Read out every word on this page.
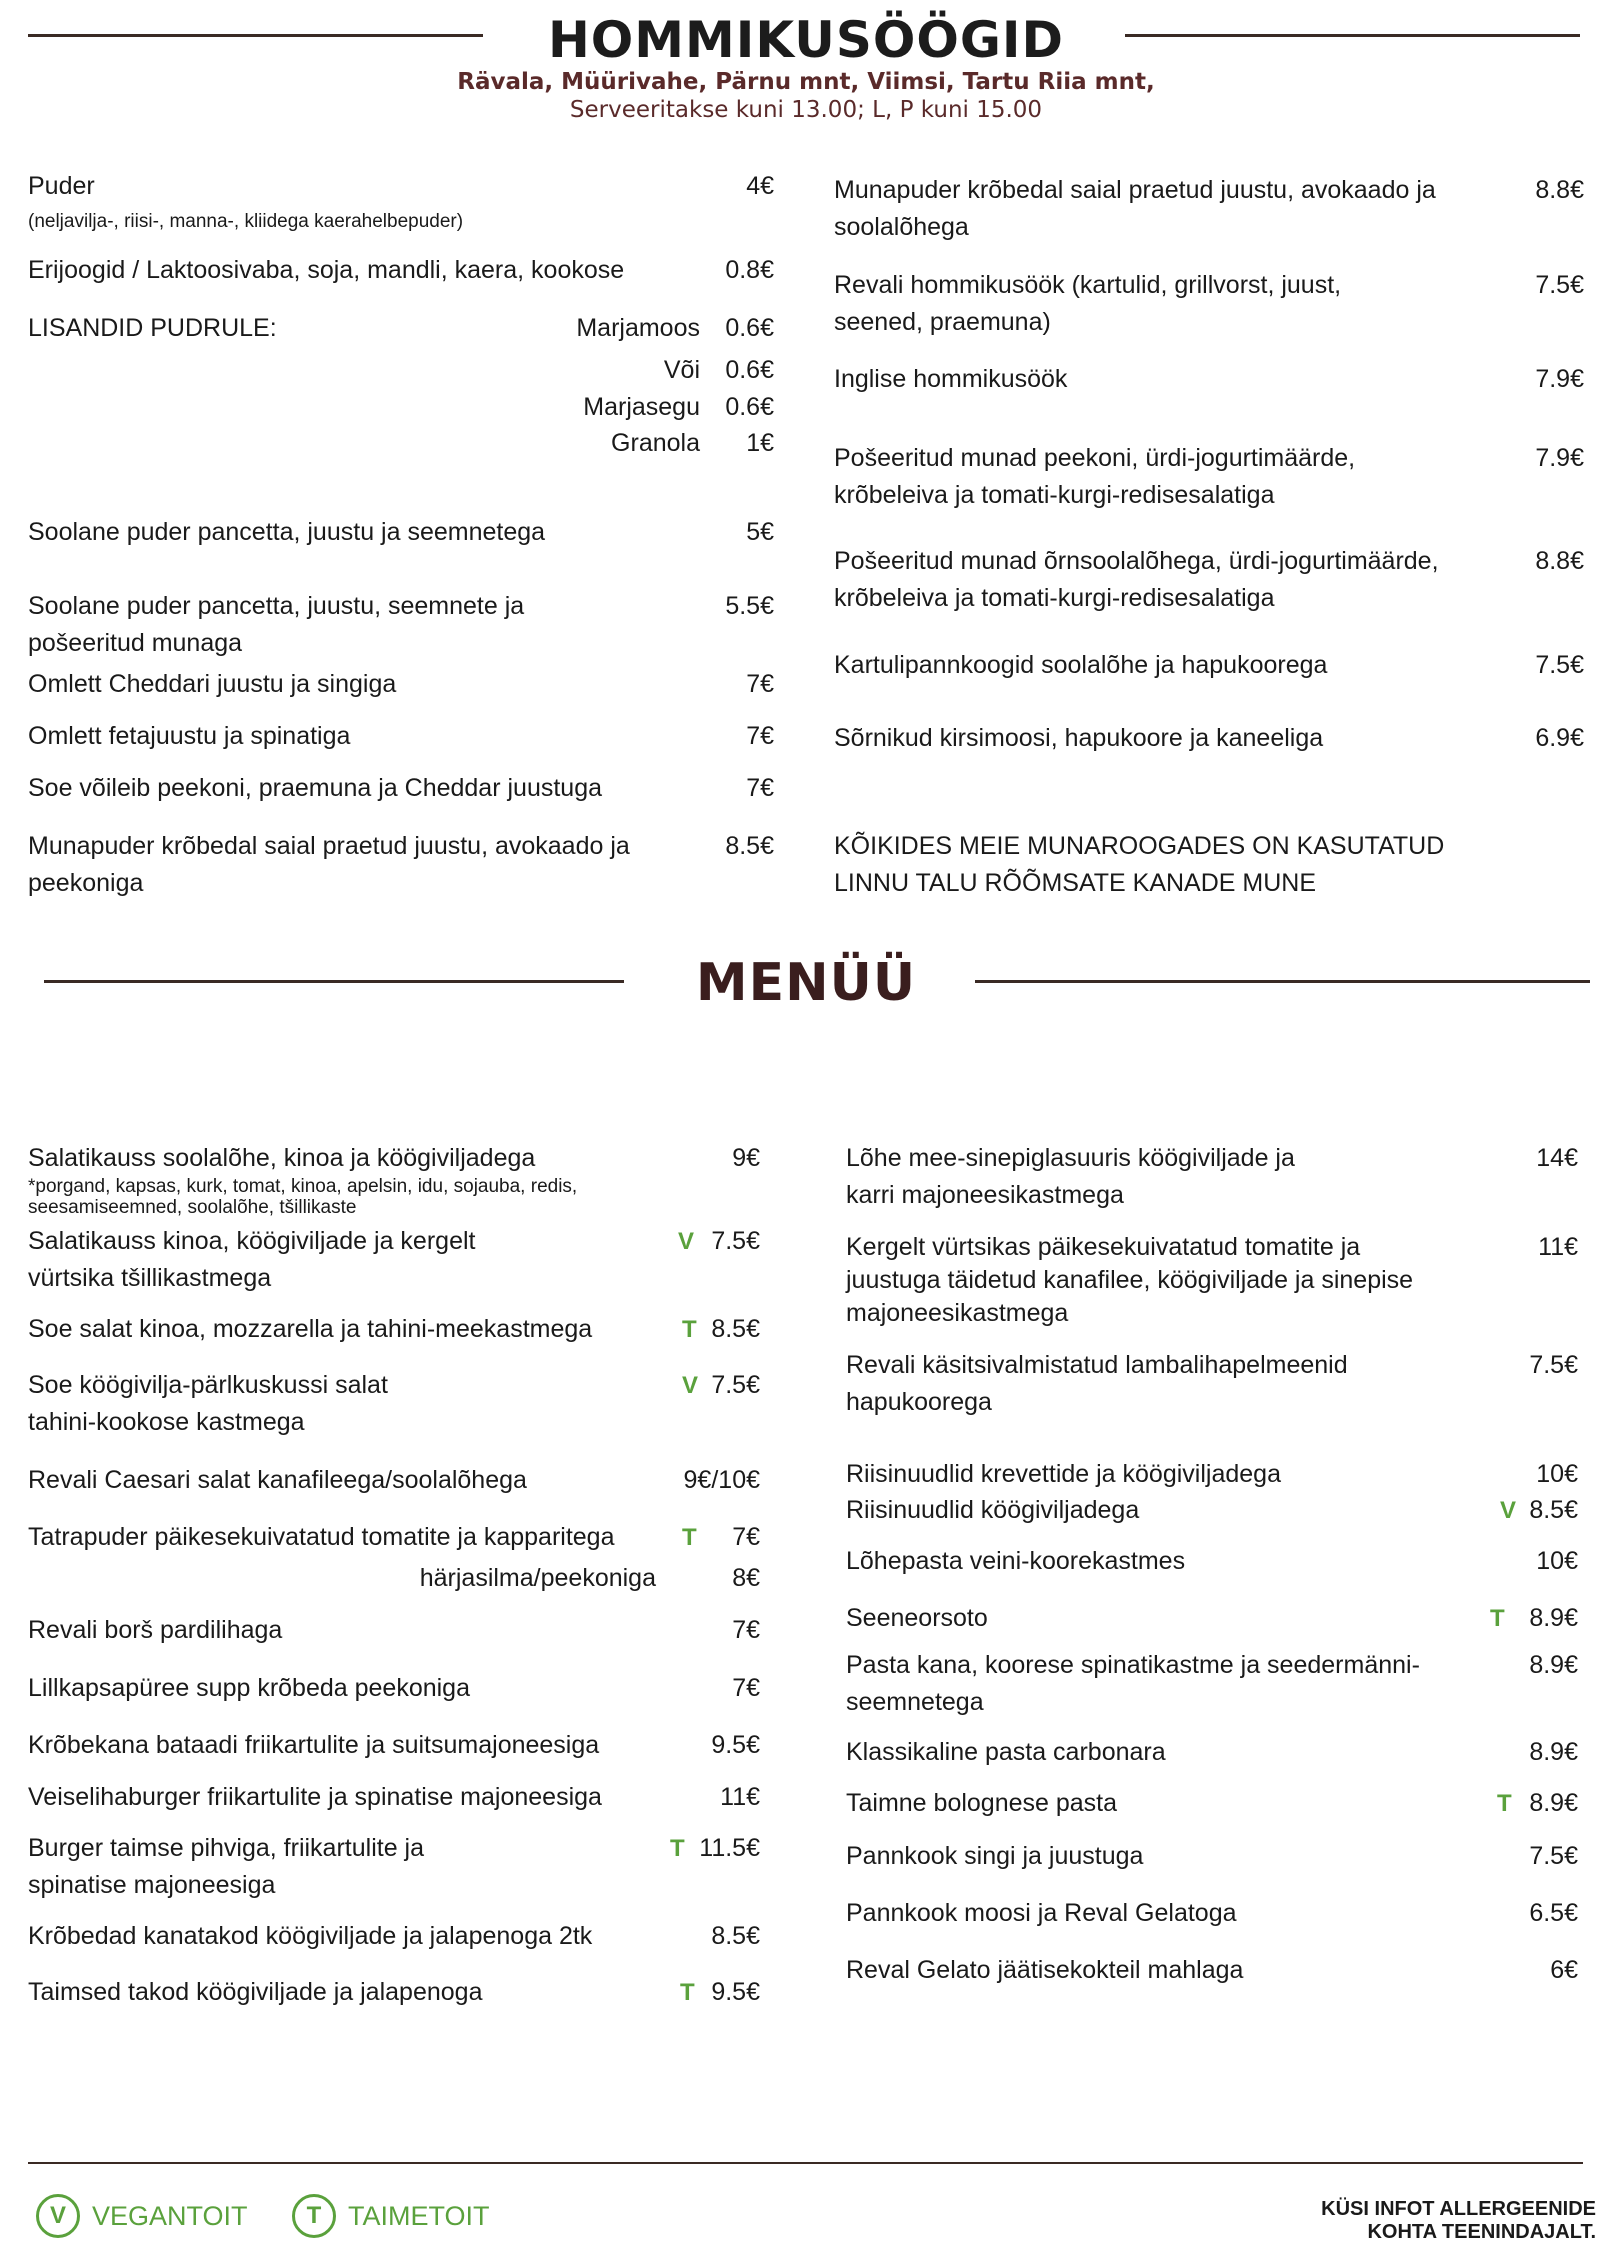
HOMMIKUSÖÖGID

Rävala, Müürivahe, Pärnu mnt, Viimsi, Tartu Riia mnt,

Serveeritakse kuni 13.00; L, P kuni 15.00

Puder
(neljavilja-, riisi-, manna-, kliidega kaerahelbepuder)
4€
Erijoogid / Laktoosivaba, soja, mandli, kaera, kookose	0.8€
LISANDID PUDRULE:	Marjamoos 0.6€
Või 0.6€
Marjasegu 0.6€
Granola 1€
Soolane puder pancetta, juustu ja seemnetega	5€
Soolane puder pancetta, juustu, seemnete ja
pošeeritud munaga
5.5€
Omlett Cheddari juustu ja singiga	7€
Omlett fetajuustu ja spinatiga	7€
Soe võileib peekoni, praemuna ja Cheddar juustuga	7€
Munapuder krõbedal saial praetud juustu, avokaado ja
peekoniga
8.5€
Munapuder krõbedal saial praetud juustu, avokaado ja
soolalõhega
8.8€
Revali hommikusöök (kartulid, grillvorst, juust,
seened, praemuna)
7.5€
Inglise hommikusöök	7.9€
Pošeeritud munad peekoni, ürdi-jogurtimäärde,
krõbeleiva ja tomati-kurgi-redisesalatiga
7.9€
Pošeeritud munad õrnsoolalõhega, ürdi-jogurtimäärde,
krõbeleiva ja tomati-kurgi-redisesalatiga
8.8€
Kartulipannkoogid soolalõhe ja hapukoorega	7.5€
Sõrnikud kirsimoosi, hapukoore ja kaneeliga	6.9€
KÕIKIDES MEIE MUNAROOGADES ON KASUTATUD
LINNU TALU RÕÕMSATE KANADE MUNE
MENÜÜ
Salatikauss soolalõhe, kinoa ja köögiviljadega
*porgand, kapsas, kurk, tomat, kinoa, apelsin, idu, sojauba, redis,
seesamiseemned, soolalõhe, tšillikaste
9€
Salatikauss kinoa, köögiviljade ja kergelt
vürtsika tšillikastmega
V 7.5€
Soe salat kinoa, mozzarella ja tahini-meekastmega	T 8.5€
Soe köögivilja-pärlkuskussi salat
tahini-kookose kastmega
V 7.5€
Revali Caesari salat kanafileega/soolalõhega	9€/10€
Tatrapuder päikesekuivatatud tomatite ja kapparitega	T 7€
härjasilma/peekoniga	8€
Revali borš pardilihaga	7€
Lillkapsapüree supp krõbeda peekoniga	7€
Krõbekana bataadi friikartulite ja suitsumajoneesiga	9.5€
Veiselihaburger friikartulite ja spinatise majoneesiga	11€
Burger taimse pihviga, friikartulite ja
spinatise majoneesiga
T 11.5€
Krõbedad kanatakod köögiviljade ja jalapenoga 2tk	8.5€
Taimsed takod köögiviljade ja jalapenoga	T 9.5€
Lõhe mee-sinepiglasuuris köögiviljade ja
karri majoneesikastmega
14€
Kergelt vürtsikas päikesekuivatatud tomatite ja
juustuga täidetud kanafilee, köögiviljade ja sinepise
majoneesikastmega
11€
Revali käsitsivalmistatud lambalihapelmeenid
hapukoorega
7.5€
Riisinuudlid krevettide ja köögiviljadega	10€
Riisinuudlid köögiviljadega	V 8.5€
Lõhepasta veini-koorekastmes	10€
Seeneorsoto	T 8.9€
Pasta kana, koorese spinatikastme ja seedermänni-
seemnetega
8.9€
Klassikaline pasta carbonara	8.9€
Taimne bolognese pasta	T 8.9€
Pannkook singi ja juustuga	7.5€
Pannkook moosi ja Reval Gelatoga	6.5€
Reval Gelato jäätisekokteil mahlaga	6€
V VEGANTOIT	T TAIMETOIT	KÜSI INFOT ALLERGEENIDE
KOHTA TEENINDAJALT.
